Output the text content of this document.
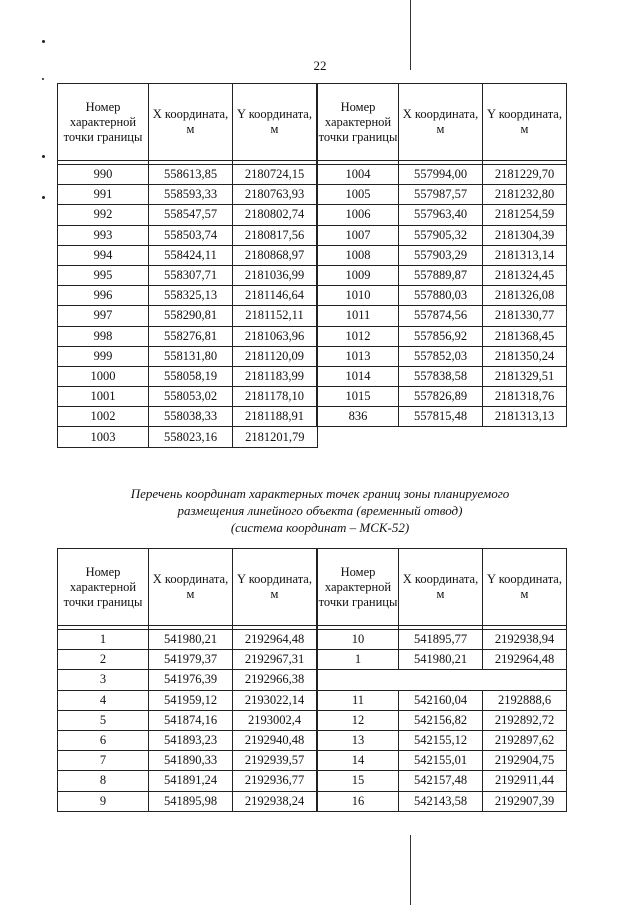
22
Номер характерной точки границы	X координата, м	Y координата, м	Номер характерной точки границы	X координата, м	Y координата, м

990	558613,85	2180724,15	1004	557994,00	2181229,70
991	558593,33	2180763,93	1005	557987,57	2181232,80
992	558547,57	2180802,74	1006	557963,40	2181254,59
993	558503,74	2180817,56	1007	557905,32	2181304,39
994	558424,11	2180868,97	1008	557903,29	2181313,14
995	558307,71	2181036,99	1009	557889,87	2181324,45
996	558325,13	2181146,64	1010	557880,03	2181326,08
997	558290,81	2181152,11	1011	557874,56	2181330,77
998	558276,81	2181063,96	1012	557856,92	2181368,45
999	558131,80	2181120,09	1013	557852,03	2181350,24
1000	558058,19	2181183,99	1014	557838,58	2181329,51
1001	558053,02	2181178,10	1015	557826,89	2181318,76
1002	558038,33	2181188,91	836	557815,48	2181313,13
1003	558023,16	2181201,79			
Перечень координат характерных точек границ зоны планируемого
размещения линейного объекта (временный отвод)
(система координат – МСК-52)
Номер характерной точки границы	X координата, м	Y координата, м	Номер характерной точки границы	X координата, м	Y координата, м

1	541980,21	2192964,48	10	541895,77	2192938,94
2	541979,37	2192967,31	1	541980,21	2192964,48
3	541976,39	2192966,38			
4	541959,12	2193022,14	11	542160,04	2192888,6
5	541874,16	2193002,4	12	542156,82	2192892,72
6	541893,23	2192940,48	13	542155,12	2192897,62
7	541890,33	2192939,57	14	542155,01	2192904,75
8	541891,24	2192936,77	15	542157,48	2192911,44
9	541895,98	2192938,24	16	542143,58	2192907,39
